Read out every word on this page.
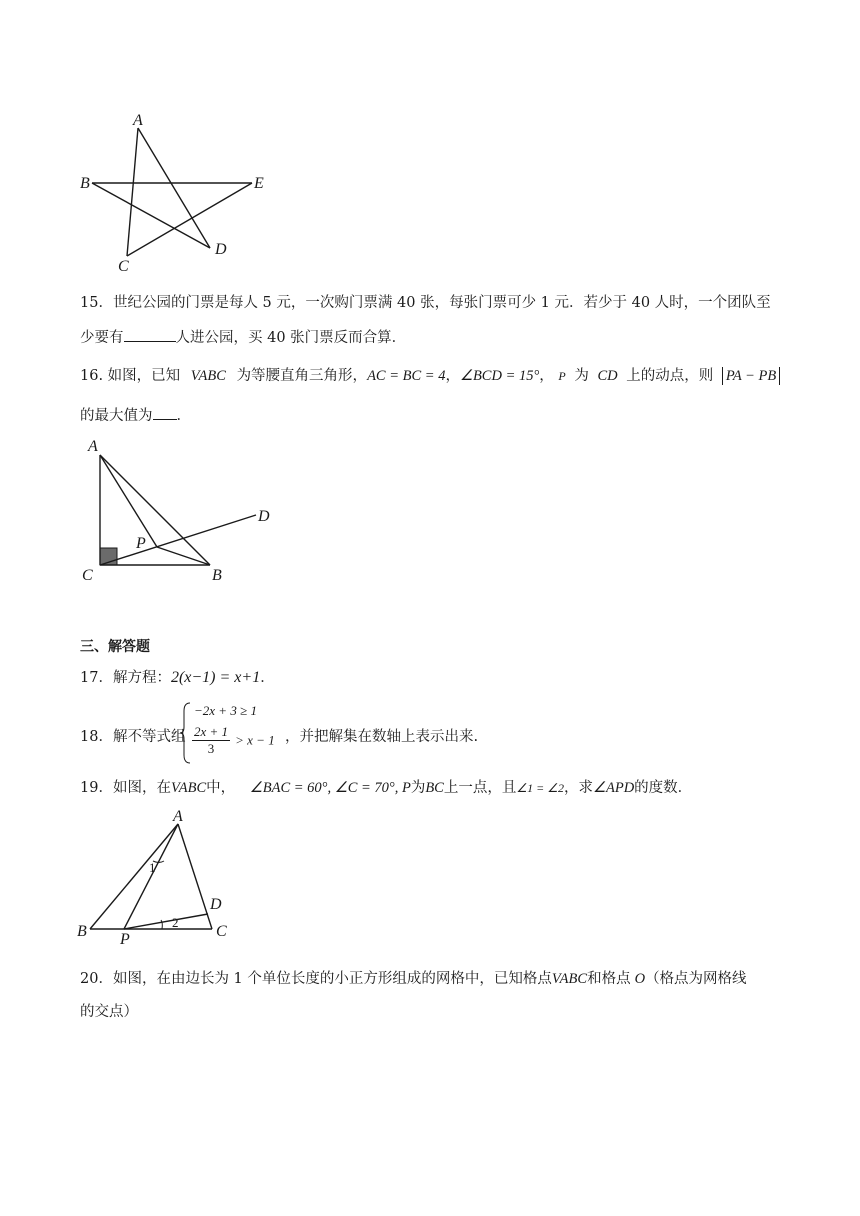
A
B
C
D
E
15．世纪公园的门票是每人 5 元，一次购门票满 40 张，每张门票可少 1 元．若少于 40 人时，一个团队至
少要有	人进公园，买 40 张门票反而合算．
16. 如图，已知 VABC 为等腰直角三角形，AC = BC = 4，∠BCD = 15°， P 为 CD 上的动点，则 PA − PB
的最大值为 ．
A
C	B
D
P
三、解答题
17．解方程：2(x−1) = x+1．
18．解不等式组
−2x + 3 ≥ 1
$\frac{2x + 1}{3} > x - 1$ ，并把解集在数轴上表示出来.
19．如图，在VABC中， ∠BAC = 60°, ∠C = 70°, P为BC上一点，且∠1 = ∠2，求∠APD的度数．
A
B	C
D
P
1
2
20．如图，在由边长为 1 个单位长度的小正方形组成的网格中，已知格点VABC和格点 O（格点为网格线
的交点）
